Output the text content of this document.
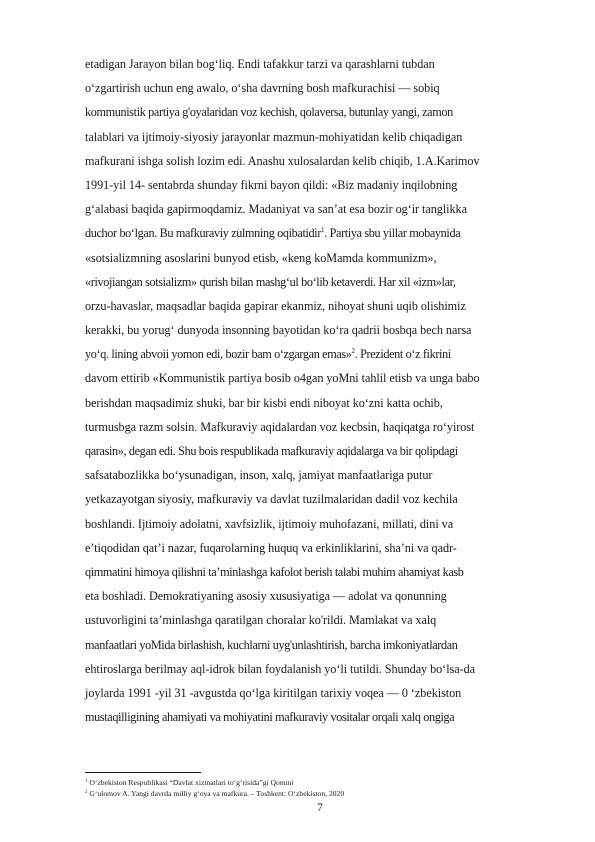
etadigan Jarayon bilan bog‘liq. Endi tafakkur tarzi va qarashlarni tubdan
o‘zgartirish uchun eng awalo, o‘sha davrning bosh mafkurachisi — sobiq
kommunistik partiya g'oyalaridan voz kechish, qolaversa, butunlay yangi, zamon
talablari va ijtimoiy-siyosiy jarayonlar mazmun-mohiyatidan kelib chiqadigan
mafkurani ishga solish lozim edi. Anashu xulosalardan kelib chiqib, 1.A.Karimov
1991-yil 14- sentabrda shunday fikrni bayon qildi: «Biz madaniy inqilobning
g‘alabasi baqida gapirmoqdamiz. Madaniyat va san’at esa bozir og‘ir tanglikka
duchor bo‘lgan. Bu mafkuraviy zulmning oqibatidir$^1$. Partiya sbu yillar mobaynida
«sotsializmning asoslarini bunyod etisb, «keng koMamda kommunizm»,
«rivojiangan sotsializm» qurish bilan mashg‘ul bo‘lib ketaverdi. Har xil «izm»lar,
orzu-havaslar, maqsadlar baqida gapirar ekanmiz, nihoyat shuni uqib olishimiz
kerakki, bu yorug‘ dunyoda insonning bayotidan ko‘ra qadrii bosbqa bech narsa
yo‘q. lining abvoii yomon edi, bozir bam o‘zgargan emas»$^2$. Prezident o‘z fikrini
davom ettirib «Kommunistik partiya bosib o4gan yoMni tahlil etisb va unga babo
berishdan maqsadimiz shuki, bar bir kisbi endi niboyat ko‘zni katta ochib,
turmusbga razm solsin. Mafkuraviy aqidalardan voz kecbsin, haqiqatga ro‘yirost
qarasin», degan edi. Shu bois respublikada mafkuraviy aqidalarga va bir qolipdagi
safsatabozlikka bo‘ysunadigan, inson, xalq, jamiyat manfaatlariga putur
yetkazayotgan siyosiy, mafkuraviy va davlat tuzilmalaridan dadil voz kechila
boshlandi. Ijtimoiy adolatni, xavfsizlik, ijtimoiy muhofazani, millati, dini va
e’tiqodidan qat’i nazar, fuqarolarning huquq va erkinliklarini, sha’ni va qadr-
qimmatini himoya qilishni ta’minlashga kafolot berish talabi muhim ahamiyat kasb
eta boshladi. Demokratiyaning asosiy xususiyatiga — adolat va qonunning
ustuvorligini ta’minlashga qaratilgan choralar ko'rildi. Mamlakat va xalq
manfaatlari yoMida birlashish, kuchlarni uyg'unlashtirish, barcha imkoniyatlardan
ehtiroslarga berilmay aql-idrok bilan foydalanish yo‘li tutildi. Shunday bo‘lsa-da
joylarda 1991 -yil 31 -avgustda qo‘lga kiritilgan tarixiy voqea — 0 ‘zbekiston
mustaqilligining ahamiyati va mohiyatini mafkuraviy vositalar orqali xalq ongiga
$^1$ O‘zbekiston Respublikasi “Davlat xizmatlari to‘g‘risida”gi Qonuni
$^2$ G‘ulomov A. Yangi davrda milliy g‘oya va mafkura. – Toshkent: O‘zbekiston, 2020
7
